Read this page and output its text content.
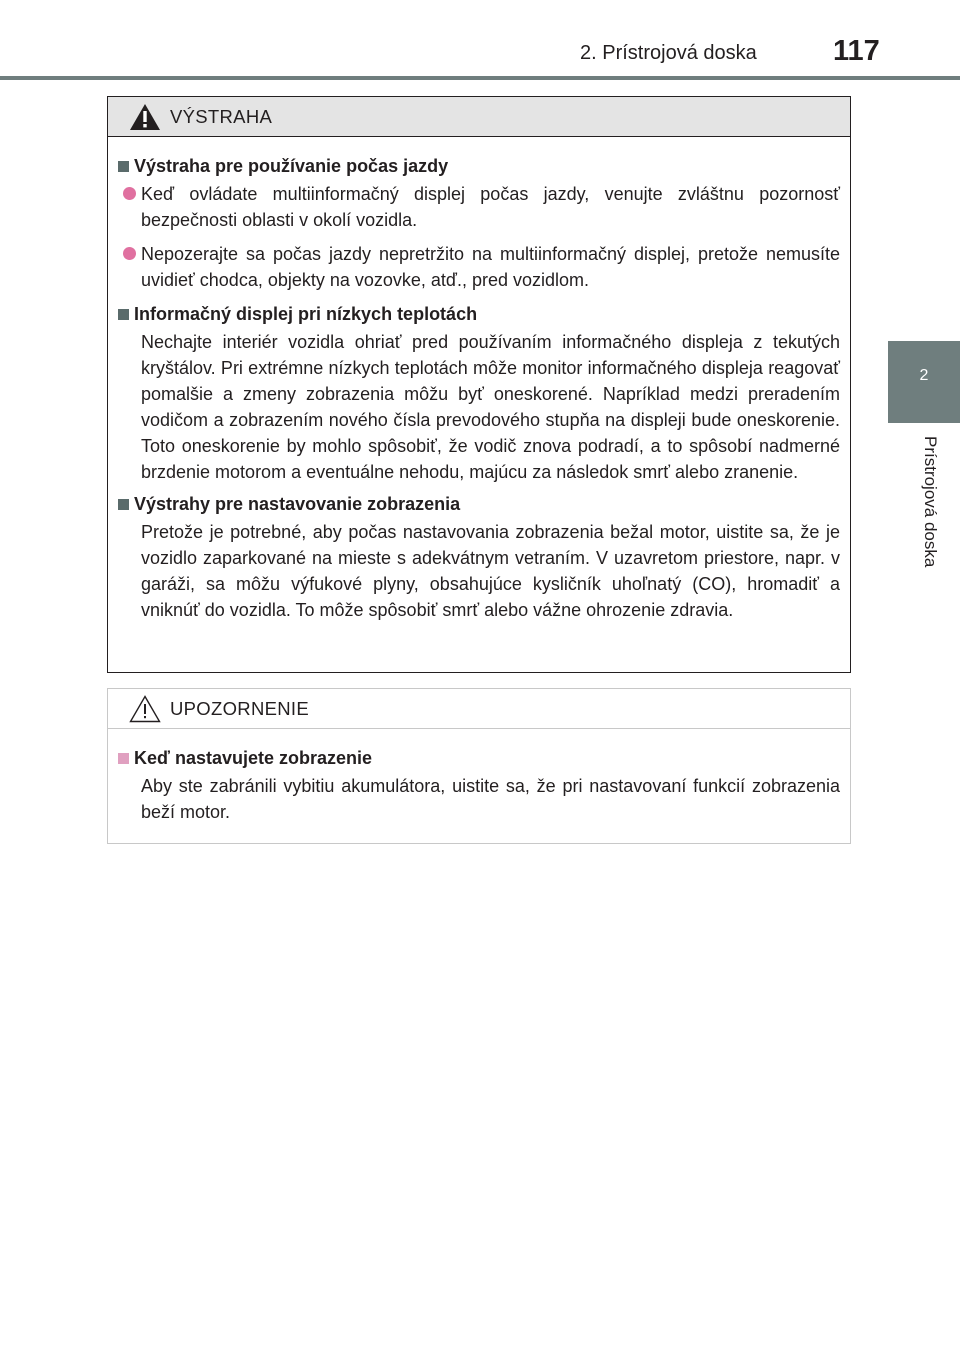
2. Prístrojová doska	117
2
Prístrojová doska
VÝSTRAHA
Výstraha pre používanie počas jazdy

Keď ovládate multiinformačný displej počas jazdy, venujte zvláštnu pozornosť bezpečnosti oblasti v okolí vozidla.

Nepozerajte sa počas jazdy nepretržito na multiinformačný displej, pretože nemusíte uvidieť chodca, objekty na vozovke, atď., pred vozidlom.

Informačný displej pri nízkych teplotách

Nechajte interiér vozidla ohriať pred používaním informačného displeja z tekutých kryštálov. Pri extrémne nízkych teplotách môže monitor informačného displeja reagovať pomalšie a zmeny zobrazenia môžu byť oneskorené. Napríklad medzi preradením vodičom a zobrazením nového čísla prevodového stupňa na displeji bude oneskorenie. Toto oneskorenie by mohlo spôsobiť, že vodič znova podradí, a to spôsobí nadmerné brzdenie motorom a eventuálne nehodu, majúcu za následok smrť alebo zranenie.

Výstrahy pre nastavovanie zobrazenia

Pretože je potrebné, aby počas nastavovania zobrazenia bežal motor, uistite sa, že je vozidlo zaparkované na mieste s adekvátnym vetraním. V uzavretom priestore, napr. v garáži, sa môžu výfukové plyny, obsahujúce kysličník uhoľnatý (CO), hromadiť a vniknúť do vozidla. To môže spôsobiť smrť alebo vážne ohrozenie zdravia.

UPOZORNENIE
Keď nastavujete zobrazenie

Aby ste zabránili vybitiu akumulátora, uistite sa, že pri nastavovaní funkcií zobrazenia beží motor.
